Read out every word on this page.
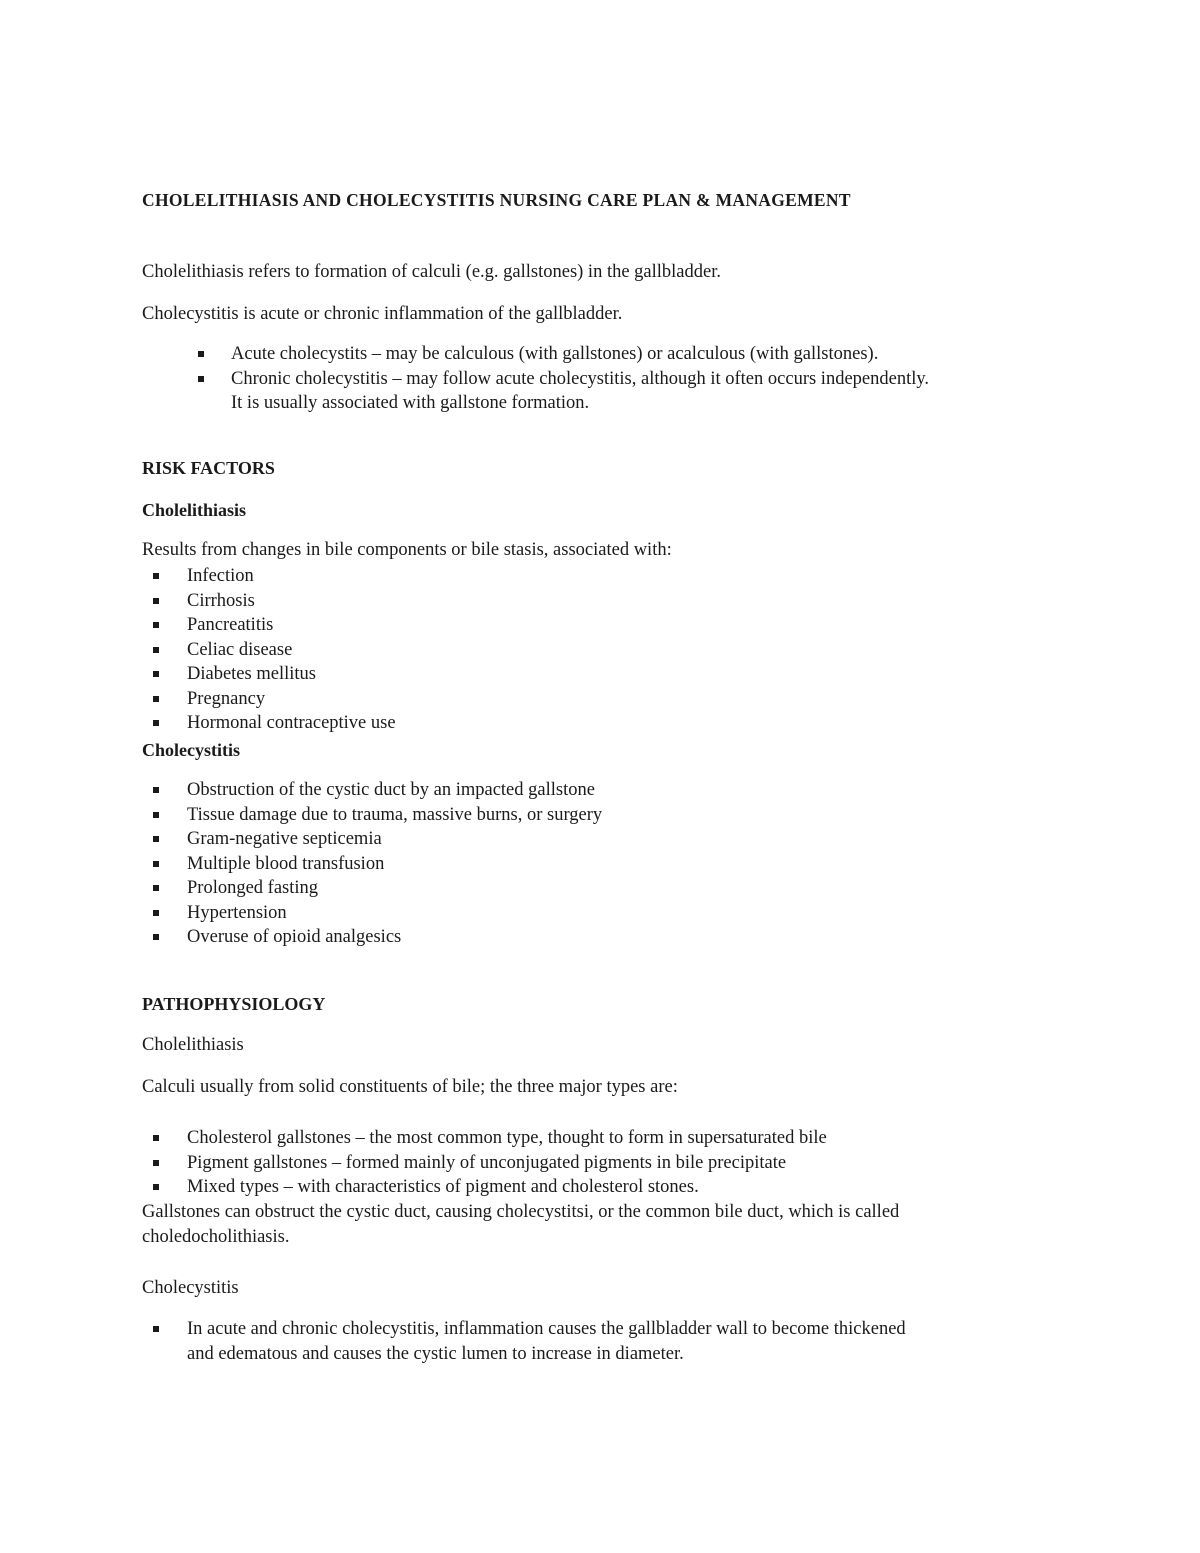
CHOLELITHIASIS AND CHOLECYSTITIS NURSING CARE PLAN & MANAGEMENT

Cholelithiasis refers to formation of calculi (e.g. gallstones) in the gallbladder.

Cholecystitis is acute or chronic inflammation of the gallbladder.

Acute cholecystits – may be calculous (with gallstones) or acalculous (with gallstones).
Chronic cholecystitis – may follow acute cholecystitis, although it often occurs independently.

It is usually associated with gallstone formation.

RISK FACTORS

Cholelithiasis

Results from changes in bile components or bile stasis, associated with:

Infection
Cirrhosis
Pancreatitis
Celiac disease
Diabetes mellitus
Pregnancy
Hormonal contraceptive use

Cholecystitis

Obstruction of the cystic duct by an impacted gallstone
Tissue damage due to trauma, massive burns, or surgery
Gram-negative septicemia
Multiple blood transfusion
Prolonged fasting
Hypertension
Overuse of opioid analgesics

PATHOPHYSIOLOGY

Cholelithiasis

Calculi usually from solid constituents of bile; the three major types are:

Cholesterol gallstones – the most common type, thought to form in supersaturated bile
Pigment gallstones – formed mainly of unconjugated pigments in bile precipitate
Mixed types – with characteristics of pigment and cholesterol stones.

Gallstones can obstruct the cystic duct, causing cholecystitsi, or the common bile duct, which is called

choledocholithiasis.

Cholecystitis

In acute and chronic cholecystitis, inflammation causes the gallbladder wall to become thickened

and edematous and causes the cystic lumen to increase in diameter.
